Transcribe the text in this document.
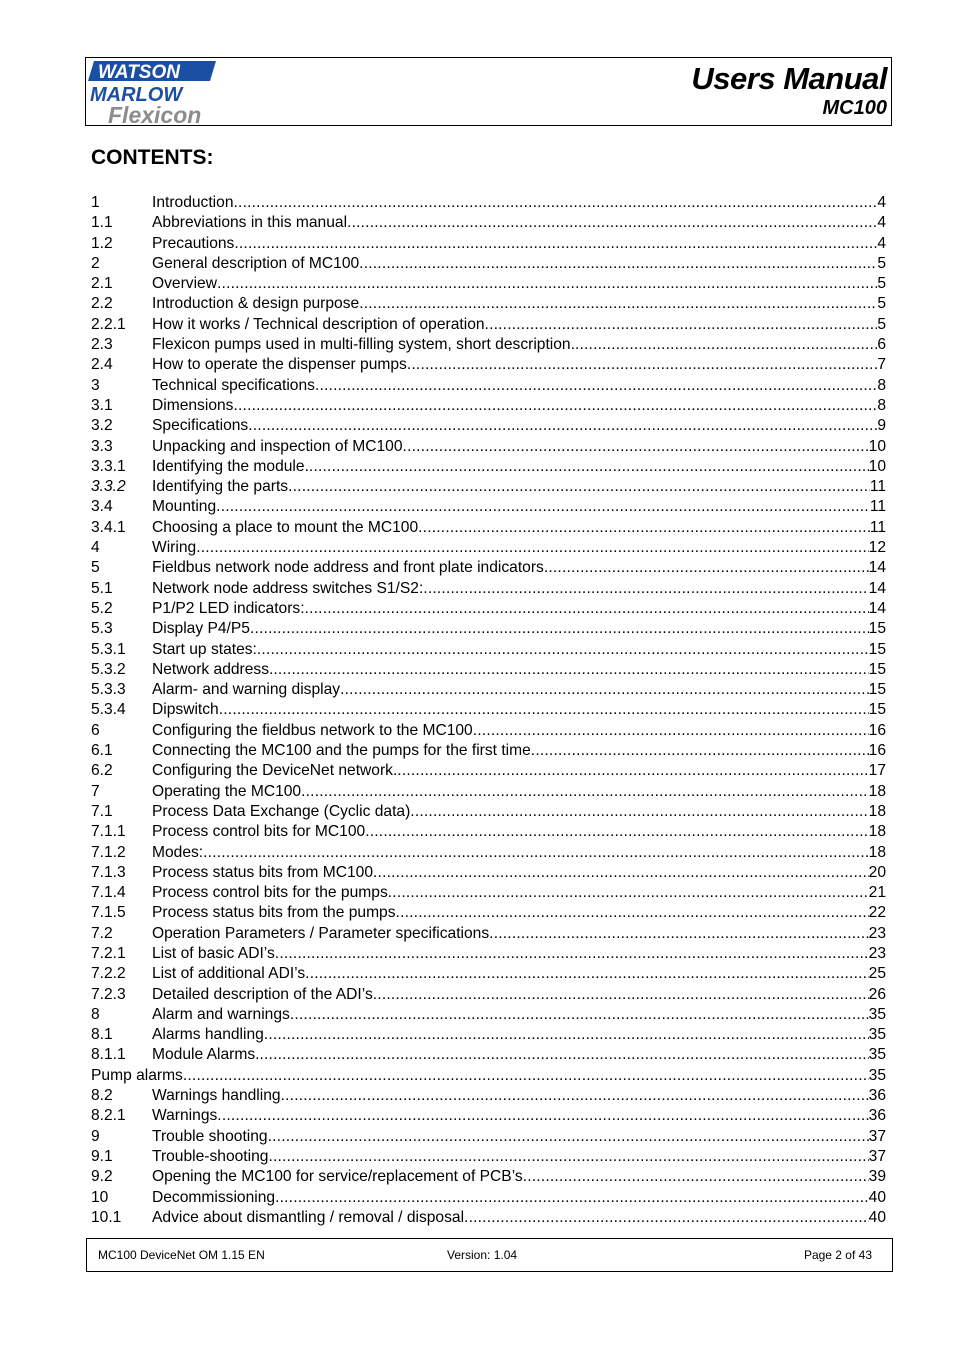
WATSON
MARLOW
Flexicon
Users Manual
MC100
CONTENTS:
1	Introduction .....	4
1.1	Abbreviations in this manual .....	4
1.2	Precautions .....	4
2	General description of MC100 .....	5
2.1	Overview .....	5
2.2	Introduction & design purpose .....	5
2.2.1	How it works / Technical description of operation .....	5
2.3	Flexicon pumps used in multi-filling system, short description. .....	6
2.4	How to operate the dispenser pumps .....	7
3	Technical specifications .....	8
3.1	Dimensions .....	8
3.2	Specifications .....	9
3.3	Unpacking and inspection of MC100 .....	10
3.3.1	Identifying the module. .....	10
3.3.2	Identifying the parts .....	11
3.4	Mounting .....	11
3.4.1	Choosing a place to mount the MC100 .....	11
4	Wiring .....	12
5	Fieldbus network node address and front plate indicators .....	14
5.1	Network node address switches S1/S2: .....	14
5.2	P1/P2 LED indicators: .....	14
5.3	Display P4/P5 .....	15
5.3.1	Start up states: .....	15
5.3.2	Network address. .....	15
5.3.3	Alarm- and warning display .....	15
5.3.4	Dipswitch .....	15
6	Configuring the fieldbus network to the MC100 .....	16
6.1	Connecting the MC100 and the pumps for the first time .....	16
6.2	Configuring the DeviceNet network. .....	17
7	Operating the MC100 .....	18
7.1	Process Data Exchange (Cyclic data) .....	18
7.1.1	Process control bits for MC100 .....	18
7.1.2	Modes: .....	18
7.1.3	Process status bits from MC100 .....	20
7.1.4	Process control bits for the pumps .....	21
7.1.5	Process status bits from the pumps .....	22
7.2	Operation Parameters / Parameter specifications .....	23
7.2.1	List of basic ADI’s .....	23
7.2.2	List of additional ADI’s .....	25
7.2.3	Detailed description of the ADI’s .....	26
8	Alarm and warnings .....	35
8.1	Alarms handling .....	35
8.1.1	Module Alarms. .....	35
Pump alarms .....	35
8.2	Warnings handling .....	36
8.2.1	Warnings .....	36
9	Trouble shooting .....	37
9.1	Trouble-shooting .....	37
9.2	Opening the MC100 for service/replacement of PCB’s .....	39
10	Decommissioning .....	40
10.1	Advice about dismantling / removal / disposal .....	40
MC100 DeviceNet OM 1.15 EN	Version: 1.04	Page 2 of 43
